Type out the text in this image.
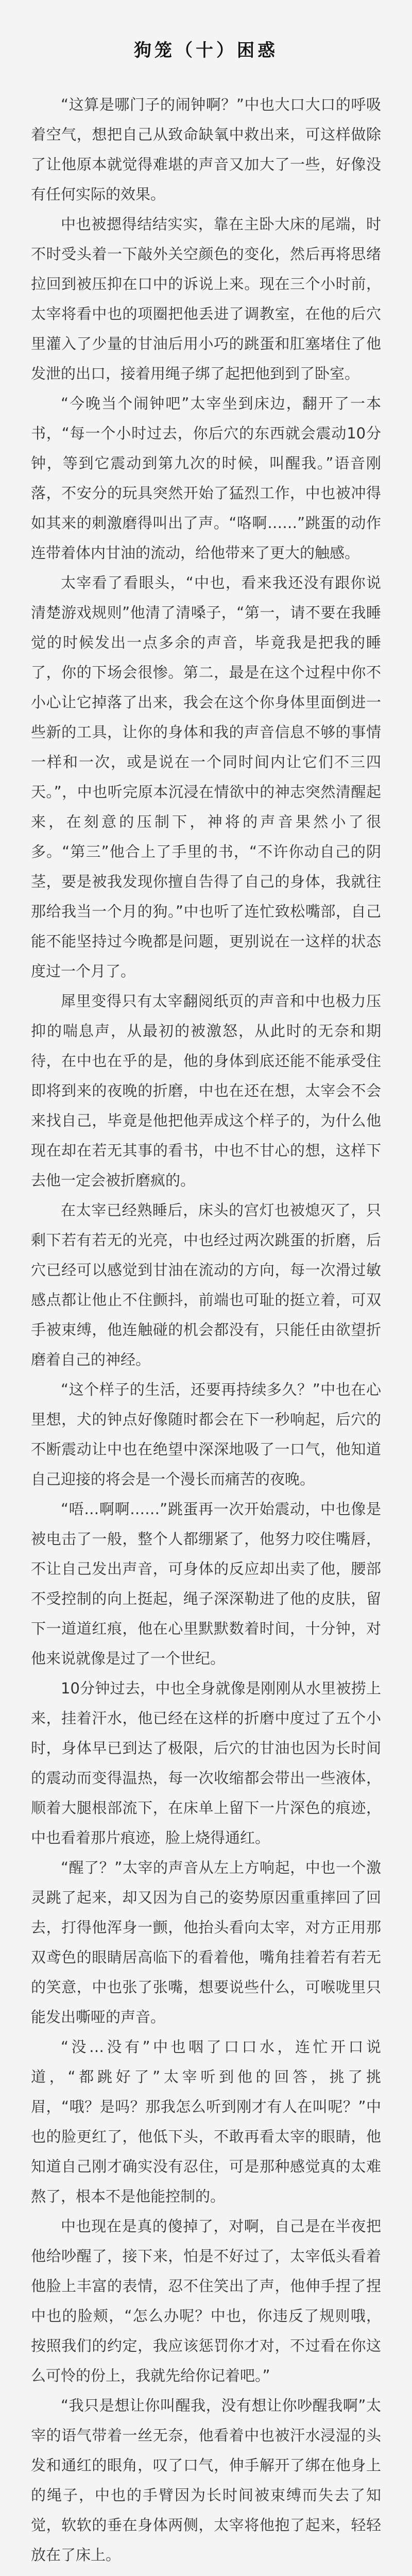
狗笼（十）困惑

“这算是哪门子的闹钟啊？”中也大口大口的呼吸着空气，想把自己从致命缺氧中救出来，可这样做除了让他原本就觉得难堪的声音又加大了一些，好像没有任何实际的效果。

中也被摁得结结实实，靠在主卧大床的尾端，时不时受头着一下敲外关空颜色的变化，然后再将思绪拉回到被压抑在口中的诉说上来。现在三个小时前，太宰将看中也的项圈把他丢进了调教室，在他的后穴里灌入了少量的甘油后用小巧的跳蛋和肛塞堵住了他发泄的出口，接着用绳子绑了起把他到到了卧室。

“今晚当个闹钟吧”太宰坐到床边，翻开了一本书，“每一个小时过去，你后穴的东西就会震动10分钟，等到它震动到第九次的时候，叫醒我。”语音刚落，不安分的玩具突然开始了猛烈工作，中也被冲得如其来的刺激磨得叫出了声。“咯啊……”跳蛋的动作连带着体内甘油的流动，给他带来了更大的触感。

太宰看了看眼头，“中也，看来我还没有跟你说清楚游戏规则”他清了清嗓子，“第一，请不要在我睡觉的时候发出一点多余的声音，毕竟我是把我的睡了，你的下场会很惨。第二，最是在这个过程中你不小心让它掉落了出来，我会在这个你身体里面倒进一些新的工具，让你的身体和我的声音信息不够的事情一样和一次，或是说在一个同时间内让它们不三四天。”，中也听完原本沉浸在情欲中的神志突然清醒起来，在刻意的压制下，神将的声音果然小了很多。“第三”他合上了手里的书，“不许你动自己的阴茎，要是被我发现你擅自告得了自己的身体，我就往那给我当一个月的狗。”中也听了连忙致松嘴部，自己能不能坚持过今晚都是问题，更别说在一这样的状态度过一个月了。

犀里变得只有太宰翻阅纸页的声音和中也极力压抑的喘息声，从最初的被激怒，从此时的无奈和期待，在中也在乎的是，他的身体到底还能不能承受住即将到来的夜晚的折磨，中也在还在想，太宰会不会来找自己，毕竟是他把他弄成这个样子的，为什么他现在却在若无其事的看书，中也不甘心的想，这样下去他一定会被折磨疯的。

在太宰已经熟睡后，床头的宫灯也被熄灭了，只剩下若有若无的光亮，中也经过两次跳蛋的折磨，后穴已经可以感觉到甘油在流动的方向，每一次滑过敏感点都让他止不住颤抖，前端也可耻的挺立着，可双手被束缚，他连触碰的机会都没有，只能任由欲望折磨着自己的神经。

“这个样子的生活，还要再持续多久？”中也在心里想，犬的钟点好像随时都会在下一秒响起，后穴的不断震动让中也在绝望中深深地吸了一口气，他知道自己迎接的将会是一个漫长而痛苦的夜晚。

“唔…啊啊……”跳蛋再一次开始震动，中也像是被电击了一般，整个人都绷紧了，他努力咬住嘴唇，不让自己发出声音，可身体的反应却出卖了他，腰部不受控制的向上挺起，绳子深深勒进了他的皮肤，留下一道道红痕，他在心里默默数着时间，十分钟，对他来说就像是过了一个世纪。

10分钟过去，中也全身就像是刚刚从水里被捞上来，挂着汗水，他已经在这样的折磨中度过了五个小时，身体早已到达了极限，后穴的甘油也因为长时间的震动而变得温热，每一次收缩都会带出一些液体，顺着大腿根部流下，在床单上留下一片深色的痕迹，中也看着那片痕迹，脸上烧得通红。

“醒了？”太宰的声音从左上方响起，中也一个激灵跳了起来，却又因为自己的姿势原因重重摔回了回去，打得他浑身一颤，他抬头看向太宰，对方正用那双鸢色的眼睛居高临下的看着他，嘴角挂着若有若无的笑意，中也张了张嘴，想要说些什么，可喉咙里只能发出嘶哑的声音。

“没…没有”中也咽了口口水，连忙开口说道，“都跳好了”太宰听到他的回答，挑了挑眉，“哦？是吗？那我怎么听到刚才有人在叫呢？”中也的脸更红了，他低下头，不敢再看太宰的眼睛，他知道自己刚才确实没有忍住，可是那种感觉真的太难熬了，根本不是他能控制的。

中也现在是真的傻掉了，对啊，自己是在半夜把他给吵醒了，接下来，怕是不好过了，太宰低头看着他脸上丰富的表情，忍不住笑出了声，他伸手捏了捏中也的脸颊，“怎么办呢？中也，你违反了规则哦，按照我们的约定，我应该惩罚你才对，不过看在你这么可怜的份上，我就先给你记着吧。”

“我只是想让你叫醒我，没有想让你吵醒我啊”太宰的语气带着一丝无奈，他看着中也被汗水浸湿的头发和通红的眼角，叹了口气，伸手解开了绑在他身上的绳子，中也的手臂因为长时间被束缚而失去了知觉，软软的垂在身体两侧，太宰将他抱了起来，轻轻放在了床上。
